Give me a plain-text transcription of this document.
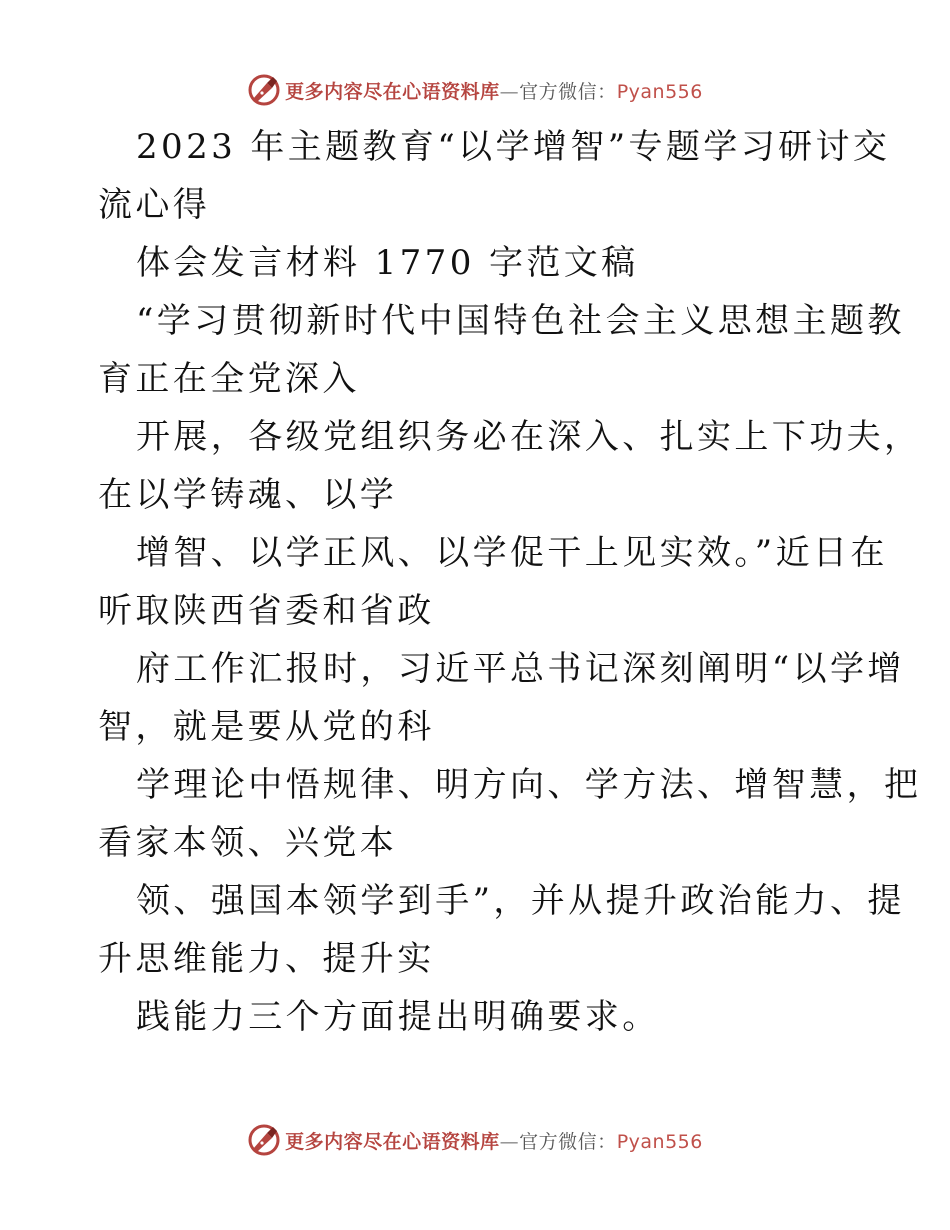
更多内容尽在心语资料库—官方微信：Pyan556
2023 年主题教育“以学增智”专题学习研讨交
流心得
体会发言材料 1770 字范文稿
“学习贯彻新时代中国特色社会主义思想主题教
育正在全党深入
开展，各级党组织务必在深入、扎实上下功夫，
在以学铸魂、以学
增智、以学正风、以学促干上见实效。”近日在
听取陕西省委和省政
府工作汇报时，习近平总书记深刻阐明“以学增
智，就是要从党的科
学理论中悟规律、明方向、学方法、增智慧，把
看家本领、兴党本
领、强国本领学到手”，并从提升政治能力、提
升思维能力、提升实
践能力三个方面提出明确要求。
更多内容尽在心语资料库—官方微信：Pyan556
